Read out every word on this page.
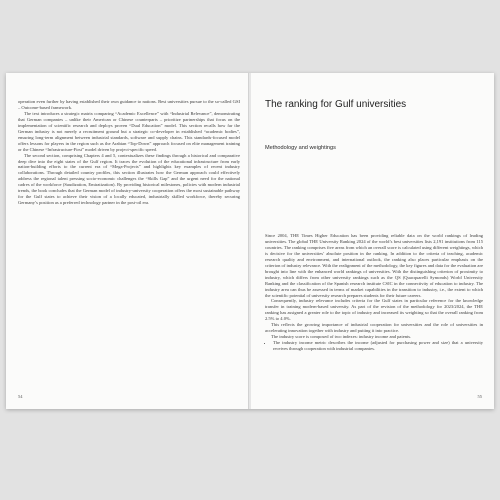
operation even further by having established their own guidance to nations. Best universities pursue to the so-called GSI – Outcome-based framework.

The text introduces a strategic matrix comparing “Academic Excellence” with “Industrial Relevance”, demonstrating that German companies – unlike their American or Chinese counterparts – prioritize partnerships that focus on the implementation of scientific research and deploys proven “Dual Education” model. This section recalls how far the German industry is not merely a recruitment ground but a strategic co-developer in established “academic bodies”, ensuring long-term alignment between industrial standards, software and supply chains. This standards-focused model offers lessons for players in the region such as the Arabian “Top-Down” approach focused on elite management training or the Chinese “Infrastructure-First” model driven by project-specific speed.

The second section, comprising Chapters 4 and 5, contextualizes these findings through a historical and comparative deep dive into the eight states of the Gulf region. It traces the evolution of the educational infrastructure from early nation-building efforts to the current era of “Mega-Projects” and highlights key examples of recent industry collaborations. Through detailed country profiles, this section illustrates how the German approach could effectively address the regional talent pressing socio-economic challenges the “Skills Gap” and the urgent need for the national cadres of the workforce (Saudization, Emiratization). By providing historical milestones, policies with modern industrial trends, the book concludes that the German model of industry-university cooperation offers the most sustainable pathway for the Gulf states to achieve their vision of a locally educated, industrially skilled workforce, thereby securing Germany’s position as a preferred technology partner in the post-oil era.

54
The ranking for Gulf universities
Methodology and weightings

Since 2004, THE Times Higher Education has been providing reliable data on the world rankings of leading universities. The global THE University Ranking 2024 of the world’s best universities lists 2,191 institutions from 115 countries. The ranking comprises five areas from which an overall score is calculated using different weightings, which is decisive for the universities’ absolute position in the ranking. In addition to the criteria of teaching, academic research quality and environment, and international outlook, the ranking also places particular emphasis on the criterion of industry relevance. With the realignment of the methodology, the key figures and data for the evaluation are brought into line with the enhanced world rankings of universities. With the distinguishing criterion of proximity to industry, which differs from other university rankings such as the QS (Quacquarelli Symonds) World University Ranking and the classification of the Spanish research institute CSIC in the connectivity of education to industry. The industry area can thus be assessed in terms of market capabilities in the transition to industry, i.e., the extent to which the scientific potential of university research prepares students for their future careers.

Consequently, industry relevance includes criteria for the Gulf states in particular reference for the knowledge transfer in training modern-based university. As part of the revision of the methodology for 2023/2024, the THE ranking has assigned a greater role to the topic of industry and increased its weighting so that the overall ranking from 2.5% to 4.0%.

This reflects the growing importance of industrial cooperation for universities and the role of universities in accelerating innovation together with industry and putting it into practice.

The industry score is composed of two indexes: industry income and patents.

• The industry income metric describes the income (adjusted for purchasing power and size) that a university receives through cooperation with industrial companies.
55
